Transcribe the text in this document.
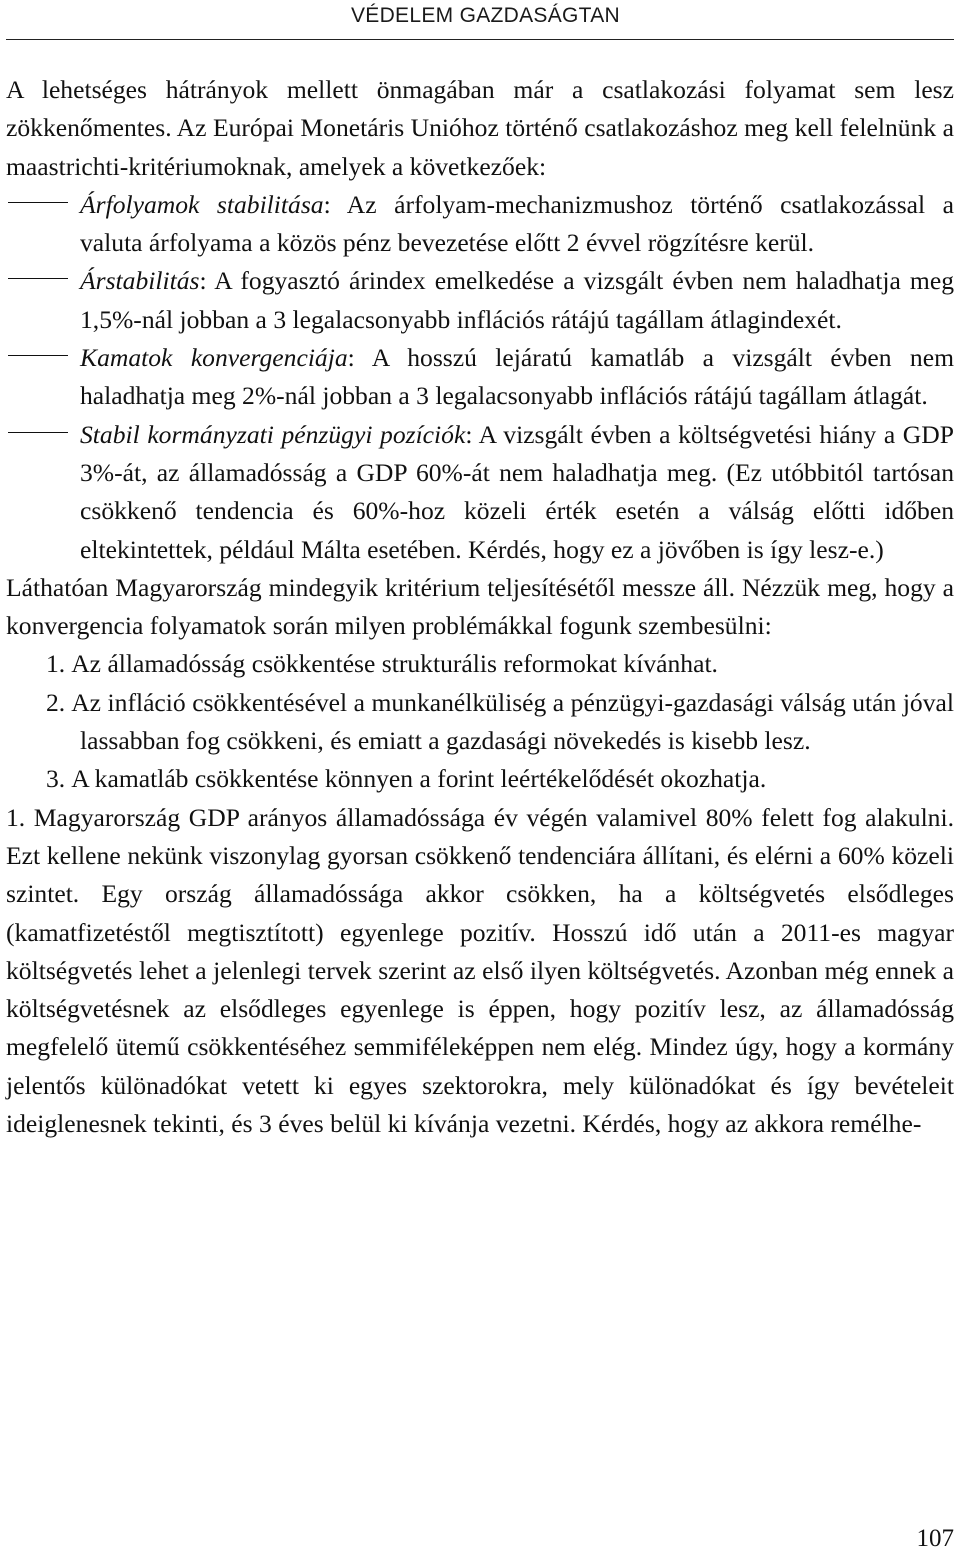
VÉDELEM GAZDASÁGTAN

A lehetséges hátrányok mellett önmagában már a csatlakozási folyamat sem lesz zökkenőmentes. Az Európai Monetáris Unióhoz történő csatlakozáshoz meg kell felelnünk a maastrichti-kritériumoknak, amelyek a következőek:

Árfolyamok stabilitása: Az árfolyam-mechanizmushoz történő csatlakozással a valuta árfolyama a közös pénz bevezetése előtt 2 évvel rögzítésre kerül.

Árstabilitás: A fogyasztó árindex emelkedése a vizsgált évben nem haladhatja meg 1,5%-nál jobban a 3 legalacsonyabb inflációs rátájú tagállam átlagindexét.

Kamatok konvergenciája: A hosszú lejáratú kamatláb a vizsgált évben nem haladhatja meg 2%-nál jobban a 3 legalacsonyabb inflációs rátájú tagállam átlagát.

Stabil kormányzati pénzügyi pozíciók: A vizsgált évben a költségvetési hiány a GDP 3%-át, az államadósság a GDP 60%-át nem haladhatja meg. (Ez utóbbitól tartósan csökkenő tendencia és 60%-hoz közeli érték esetén a válság előtti időben eltekintettek, például Málta esetében. Kérdés, hogy ez a jövőben is így lesz-e.)

Láthatóan Magyarország mindegyik kritérium teljesítésétől messze áll. Nézzük meg, hogy a konvergencia folyamatok során milyen problémákkal fogunk szembesülni:

1. Az államadósság csökkentése strukturális reformokat kívánhat.

2. Az infláció csökkentésével a munkanélküliség a pénzügyi-gazdasági válság után jóval lassabban fog csökkeni, és emiatt a gazdasági növekedés is kisebb lesz.

3. A kamatláb csökkentése könnyen a forint leértékelődését okozhatja.

1. Magyarország GDP arányos államadóssága év végén valamivel 80% felett fog alakulni. Ezt kellene nekünk viszonylag gyorsan csökkenő tendenciára állítani, és elérni a 60% közeli szintet. Egy ország államadóssága akkor csökken, ha a költségvetés elsődleges (kamatfizetéstől megtisztított) egyenlege pozitív. Hosszú idő után a 2011-es magyar költségvetés lehet a jelenlegi tervek szerint az első ilyen költségvetés. Azonban még ennek a költségvetésnek az elsődleges egyenlege is éppen, hogy pozitív lesz, az államadósság megfelelő ütemű csökkentéséhez semmiféleképpen nem elég. Mindez úgy, hogy a kormány jelentős különadókat vetett ki egyes szektorokra, mely különadókat és így bevételeit ideiglenesnek tekinti, és 3 éves belül ki kívánja vezetni. Kérdés, hogy az akkora remélhe-

107
